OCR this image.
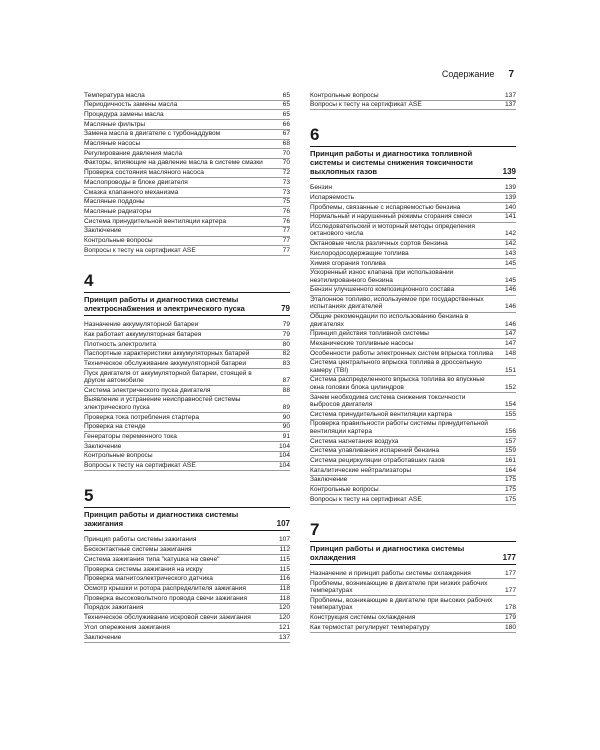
Содержание 7
Температура масла	65
Периодичность замены масла	65
Процедура замены масла	65
Масляные фильтры	66
Замена масла в двигателе с турбонаддувом	67
Масляные насосы	68
Регулирование давления масла	70
Факторы, влияющие на давление масла в системе смазки	70
Проверка состояния масляного насоса	72
Маслопроводы в блоке двигателя	73
Смазка клапанного механизма	73
Масляные поддоны	75
Масляные радиаторы	76
Система принудительной вентиляции картера	76
Заключение	77
Контрольные вопросы	77
Вопросы к тесту на сертификат ASE	77
4
Принцип работы и диагностика системы электроснабжения и электрического пуска	79
Назначение аккумуляторной батареи	79
Как работает аккумуляторная батарея	79
Плотность электролита	80
Паспортные характеристики аккумуляторных батарей	82
Техническое обслуживание аккумуляторной батареи	83
Пуск двигателя от аккумуляторной батареи, стоящей в другом автомобиле	87
Система электрического пуска двигателя	88
Выявление и устранение неисправностей системы электрического пуска	89
Проверка тока потребления стартера	90
Проверка на стенде	90
Генераторы переменного тока	91
Заключение	104
Контрольные вопросы	104
Вопросы к тесту на сертификат ASE	104
5
Принцип работы и диагностика системы зажигания	107
Принцип работы системы зажигания	107
Бесконтактные системы зажигания	112
Система зажигания типа "катушка на свече"	115
Проверка системы зажигания на искру	115
Проверка магнитоэлектрического датчика	116
Осмотр крышки и ротора распределителя зажигания	118
Проверка высоковольтного провода свечи зажигания	118
Порядок зажигания	120
Техническое обслуживание искровой свечи зажигания	120
Угол опережения зажигания	121
Заключение	137
Контрольные вопросы	137
Вопросы к тесту на сертификат ASE	137
6
Принцип работы и диагностика топливной системы и системы снижения токсичности выхлопных газов	139
Бензин	139
Испаряемость	139
Проблемы, связанные с испаряемостью бензина	140
Нормальный и нарушенный режимы сгорания смеси	141
Исследовательский и моторный методы определения октанового числа	142
Октановые числа различных сортов бензина	142
Кислородосодержащие топлива	143
Химия сгорания топлива	145
Ускоренный износ клапана при использовании неэтилированного бензина	145
Бензин улучшенного композиционного состава	146
Эталонное топливо, используемое при государственных испытаниях двигателей	146
Общие рекомендации по использованию бензина в двигателях	146
Принцип действия топливной системы	147
Механические топливные насосы	147
Особенности работы электронных систем впрыска топлива	148
Система центрального впрыска топлива в дроссельную камеру (ТВI)	151
Система распределенного впрыска топлива во впускные окна головки блока цилиндров	152
Зачем необходима система снижения токсичности выбросов двигателя	154
Система принудительной вентиляции картера	155
Проверка правильности работы системы принудительной вентиляции картера	156
Система нагнетания воздуха	157
Система улавливания испарений бензина	159
Система рециркуляции отработавших газов	161
Каталитические нейтрализаторы	164
Заключение	175
Контрольные вопросы	175
Вопросы к тесту на сертификат ASE	175
7
Принцип работы и диагностика системы охлаждения	177
Назначение и принцип работы системы охлаждения	177
Проблемы, возникающие в двигателе при низких рабочих температурах	177
Проблемы, возникающие в двигателе при высоких рабочих температурах	178
Конструкция системы охлаждения	179
Как термостат регулирует температуру	180
